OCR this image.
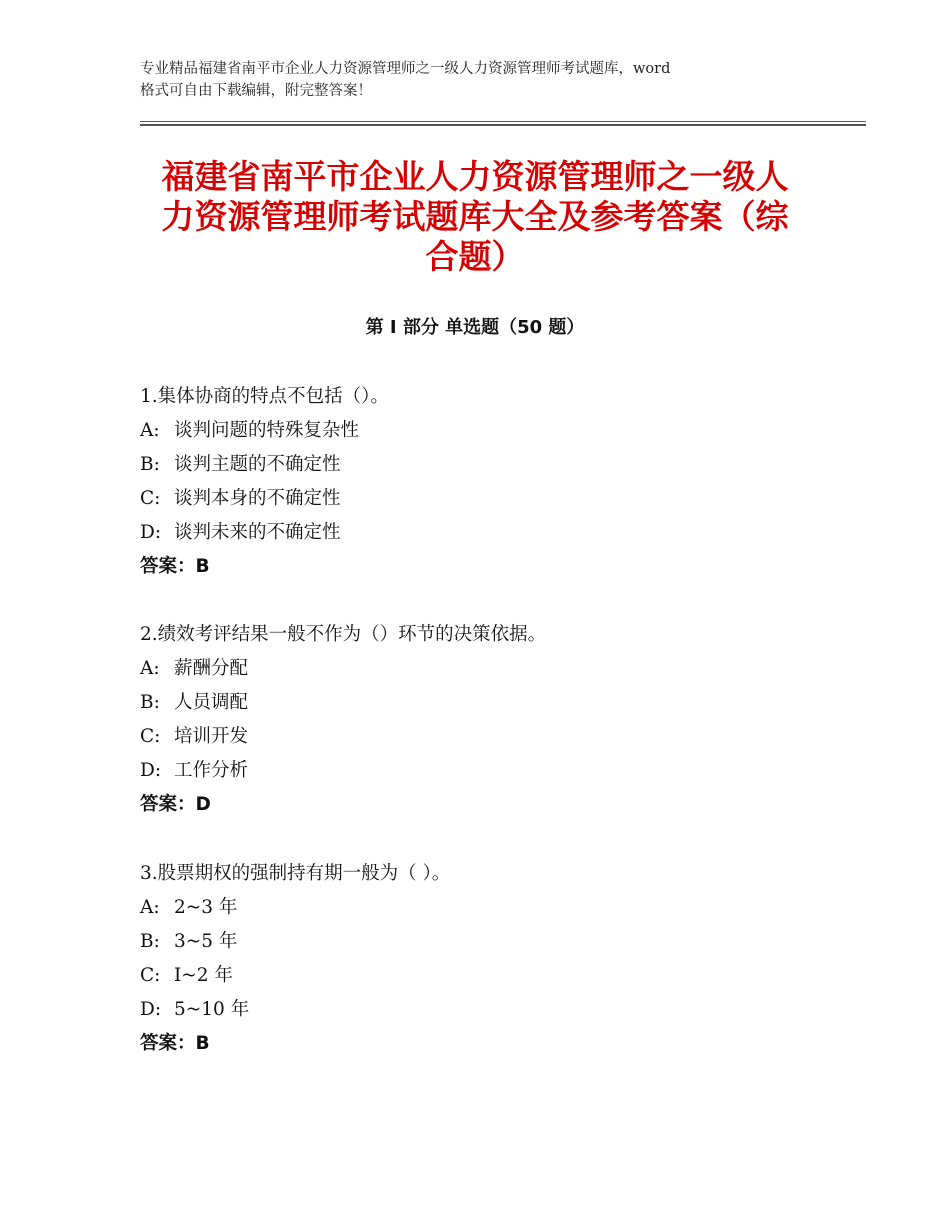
专业精品福建省南平市企业人力资源管理师之一级人力资源管理师考试题库，word
格式可自由下载编辑，附完整答案！
福建省南平市企业人力资源管理师之一级人
力资源管理师考试题库大全及参考答案（综
合题）
第 I 部分 单选题（50 题）
1.集体协商的特点不包括（）。
A: 谈判问题的特殊复杂性
B: 谈判主题的不确定性
C: 谈判本身的不确定性
D: 谈判未来的不确定性
答案：B
2.绩效考评结果一般不作为（）环节的决策依据。
A: 薪酬分配
B: 人员调配
C: 培训开发
D: 工作分析
答案：D
3.股票期权的强制持有期一般为（ ）。
A: 2~3 年
B: 3~5 年
C: I~2 年
D: 5~10 年
答案：B
